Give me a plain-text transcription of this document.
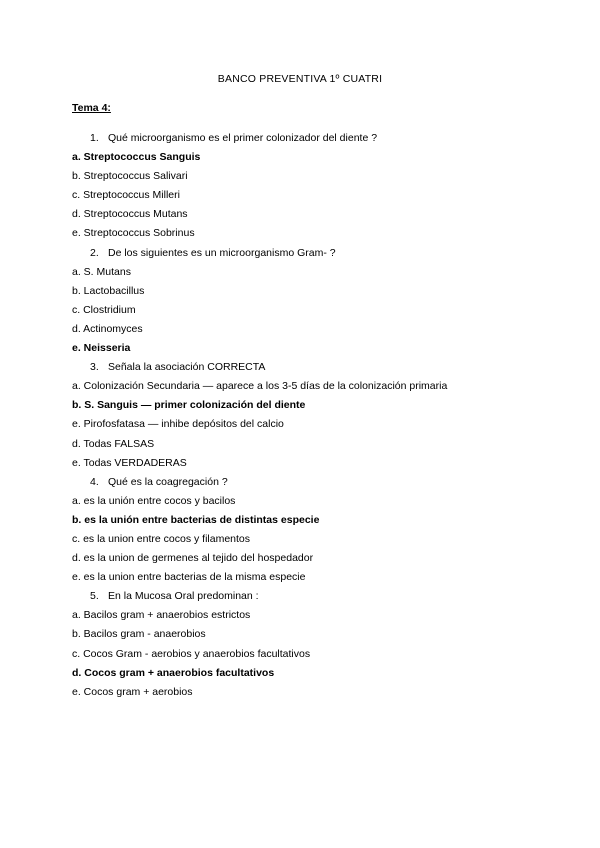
BANCO PREVENTIVA 1º CUATRI
Tema 4:
1. Qué microorganismo es el primer colonizador del diente ?
a. Streptococcus Sanguis
b. Streptococcus Salivari
c. Streptococcus Milleri
d. Streptococcus Mutans
e. Streptococcus Sobrinus
2. De los siguientes es un microorganismo Gram- ?
a. S. Mutans
b. Lactobacillus
c. Clostridium
d. Actinomyces
e. Neisseria
3. Señala la asociación CORRECTA
a. Colonización Secundaria — aparece a los 3-5 días de la colonización primaria
b. S. Sanguis — primer colonización del diente
e. Pirofosfatasa — inhibe depósitos del calcio
d. Todas FALSAS
e. Todas VERDADERAS
4. Qué es la coagregación ?
a. es la unión entre cocos y bacilos
b. es la unión entre bacterias de distintas especie
c. es la union entre cocos y filamentos
d. es la union de germenes al tejido del hospedador
e. es la union entre bacterias de la misma especie
5. En la Mucosa Oral predominan :
a. Bacilos gram + anaerobios estrictos
b. Bacilos gram - anaerobios
c. Cocos Gram - aerobios y anaerobios facultativos
d. Cocos gram + anaerobios facultativos
e. Cocos gram + aerobios
